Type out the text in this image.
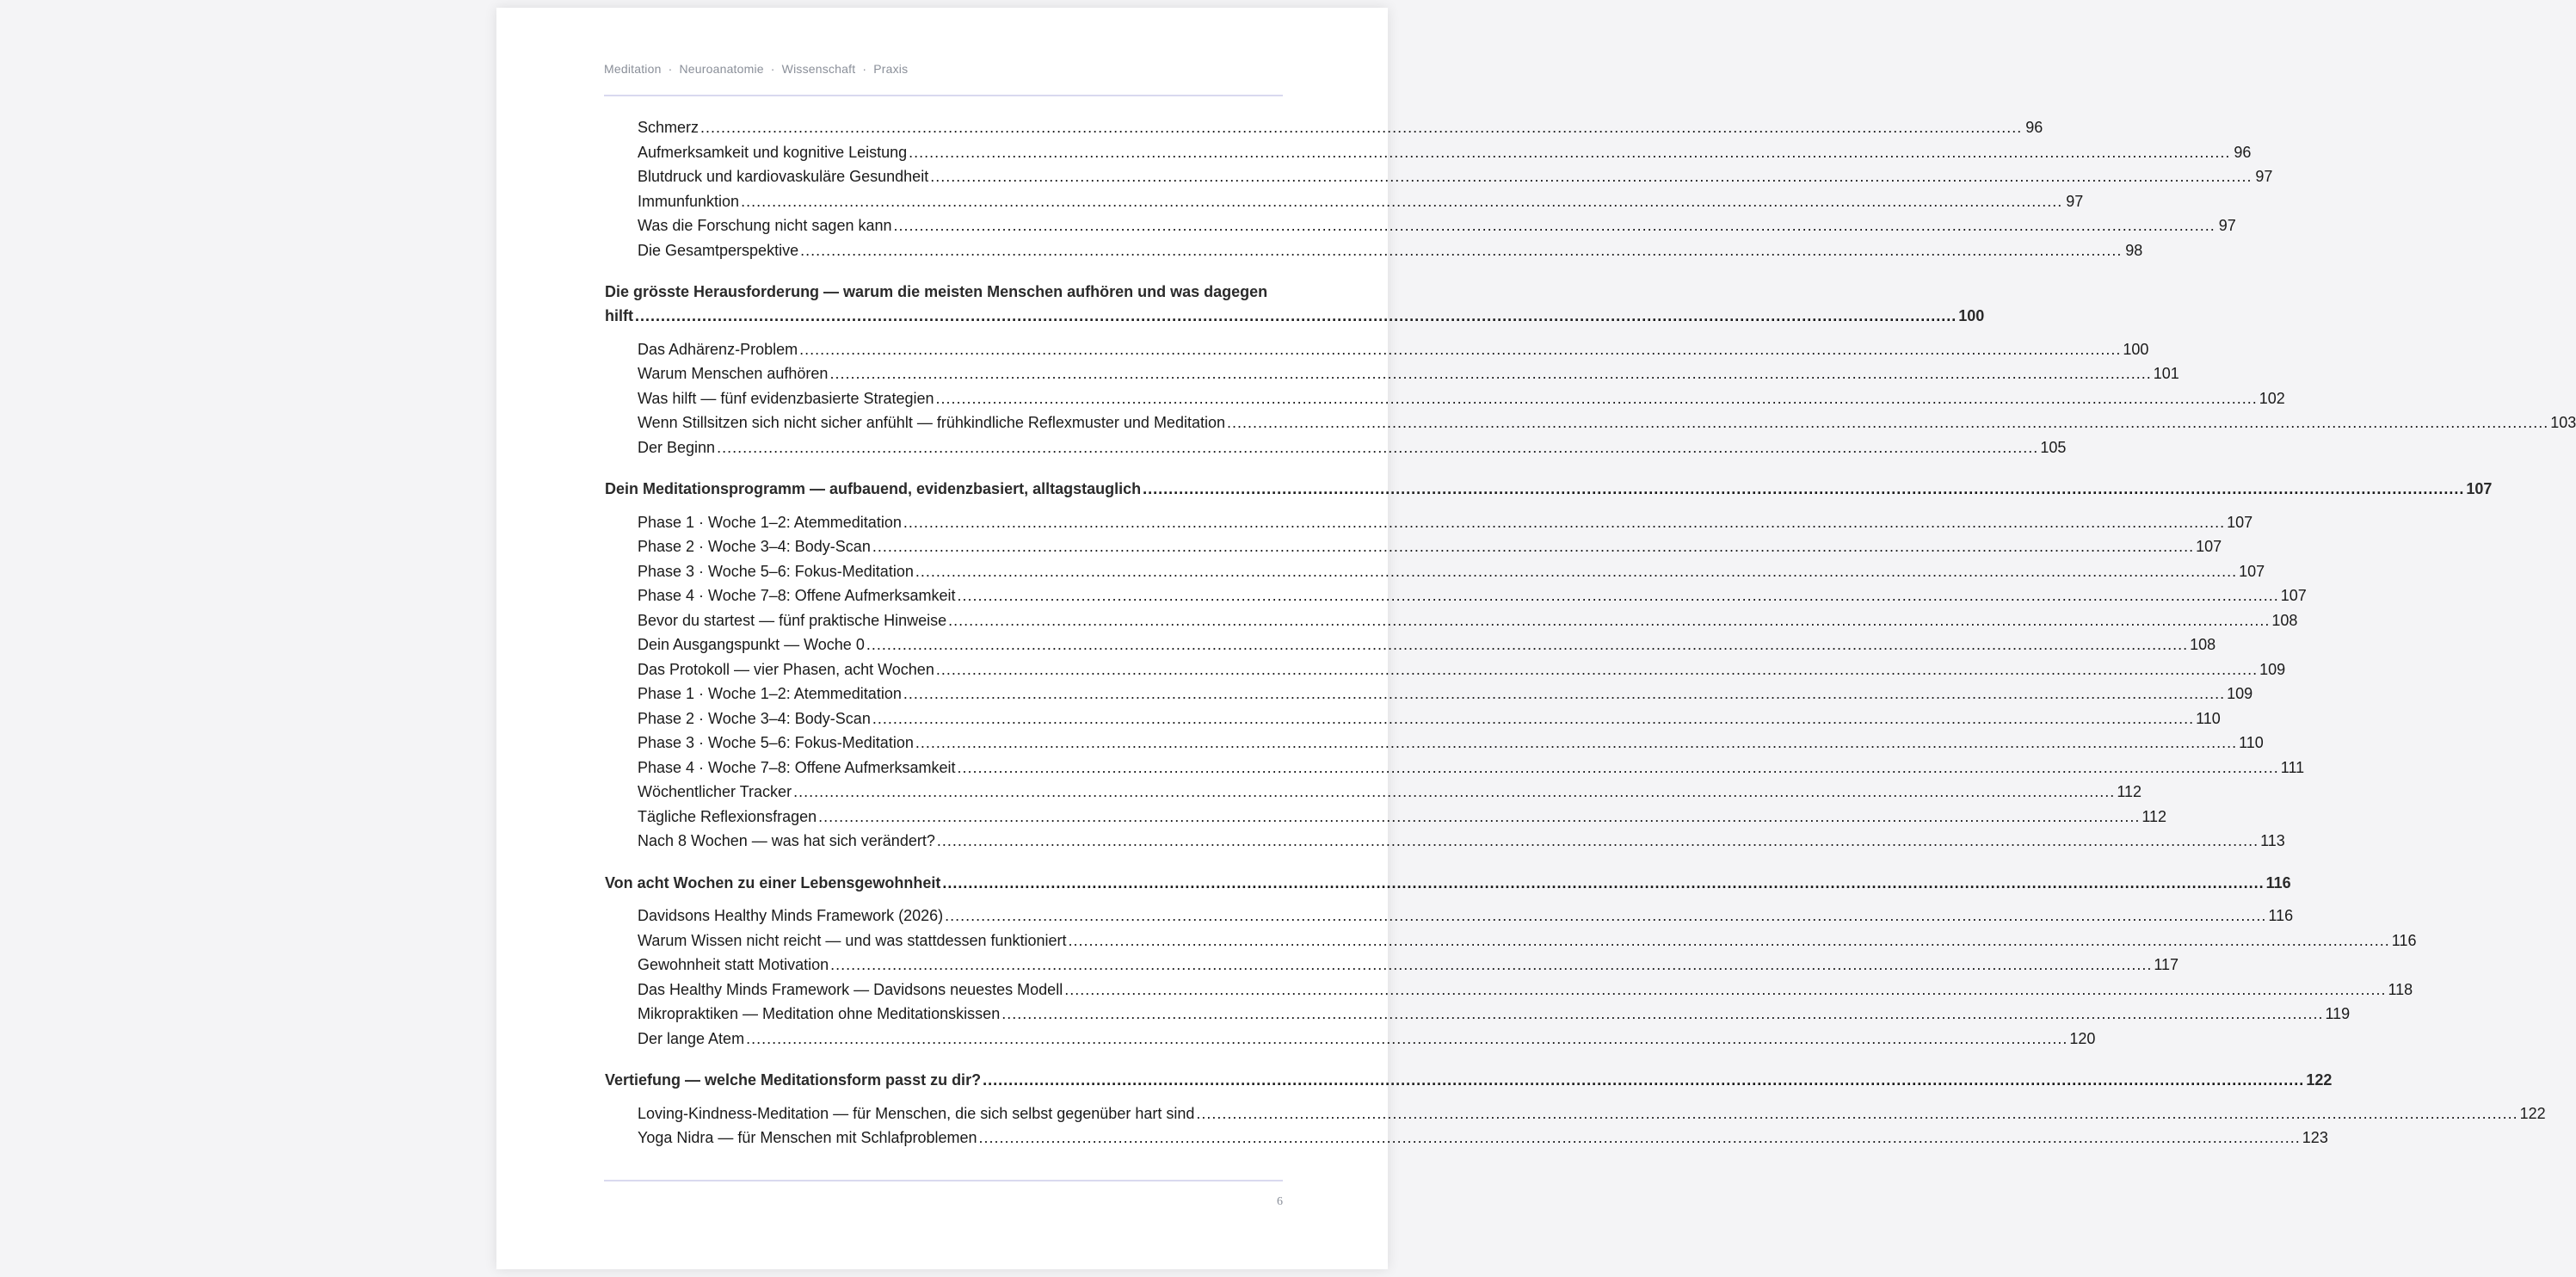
Meditation · Neuroanatomie · Wissenschaft · Praxis
Schmerz .....	96
Aufmerksamkeit und kognitive Leistung .....	96
Blutdruck und kardiovaskuläre Gesundheit .....	97
Immunfunktion .....	97
Was die Forschung nicht sagen kann .....	97
Die Gesamtperspektive .....	98
Die grösste Herausforderung — warum die meisten Menschen aufhören und was dagegen
hilft .....	100
Das Adhärenz-Problem .....	100
Warum Menschen aufhören .....	101
Was hilft — fünf evidenzbasierte Strategien .....	102
Wenn Stillsitzen sich nicht sicher anfühlt — frühkindliche Reflexmuster und Meditation .....	103
Der Beginn .....	105
Dein Meditationsprogramm — aufbauend, evidenzbasiert, alltagstauglich .....	107
Phase 1 · Woche 1–2: Atemmeditation .....	107
Phase 2 · Woche 3–4: Body-Scan .....	107
Phase 3 · Woche 5–6: Fokus-Meditation .....	107
Phase 4 · Woche 7–8: Offene Aufmerksamkeit .....	107
Bevor du startest — fünf praktische Hinweise .....	108
Dein Ausgangspunkt — Woche 0 .....	108
Das Protokoll — vier Phasen, acht Wochen .....	109
Phase 1 · Woche 1–2: Atemmeditation .....	109
Phase 2 · Woche 3–4: Body-Scan .....	110
Phase 3 · Woche 5–6: Fokus-Meditation .....	110
Phase 4 · Woche 7–8: Offene Aufmerksamkeit .....	111
Wöchentlicher Tracker .....	112
Tägliche Reflexionsfragen .....	112
Nach 8 Wochen — was hat sich verändert? .....	113
Von acht Wochen zu einer Lebensgewohnheit .....	116
Davidsons Healthy Minds Framework (2026) .....	116
Warum Wissen nicht reicht — und was stattdessen funktioniert .....	116
Gewohnheit statt Motivation .....	117
Das Healthy Minds Framework — Davidsons neuestes Modell .....	118
Mikropraktiken — Meditation ohne Meditationskissen .....	119
Der lange Atem .....	120
Vertiefung — welche Meditationsform passt zu dir? .....	122
Loving-Kindness-Meditation — für Menschen, die sich selbst gegenüber hart sind .....	122
Yoga Nidra — für Menschen mit Schlafproblemen .....	123
6
